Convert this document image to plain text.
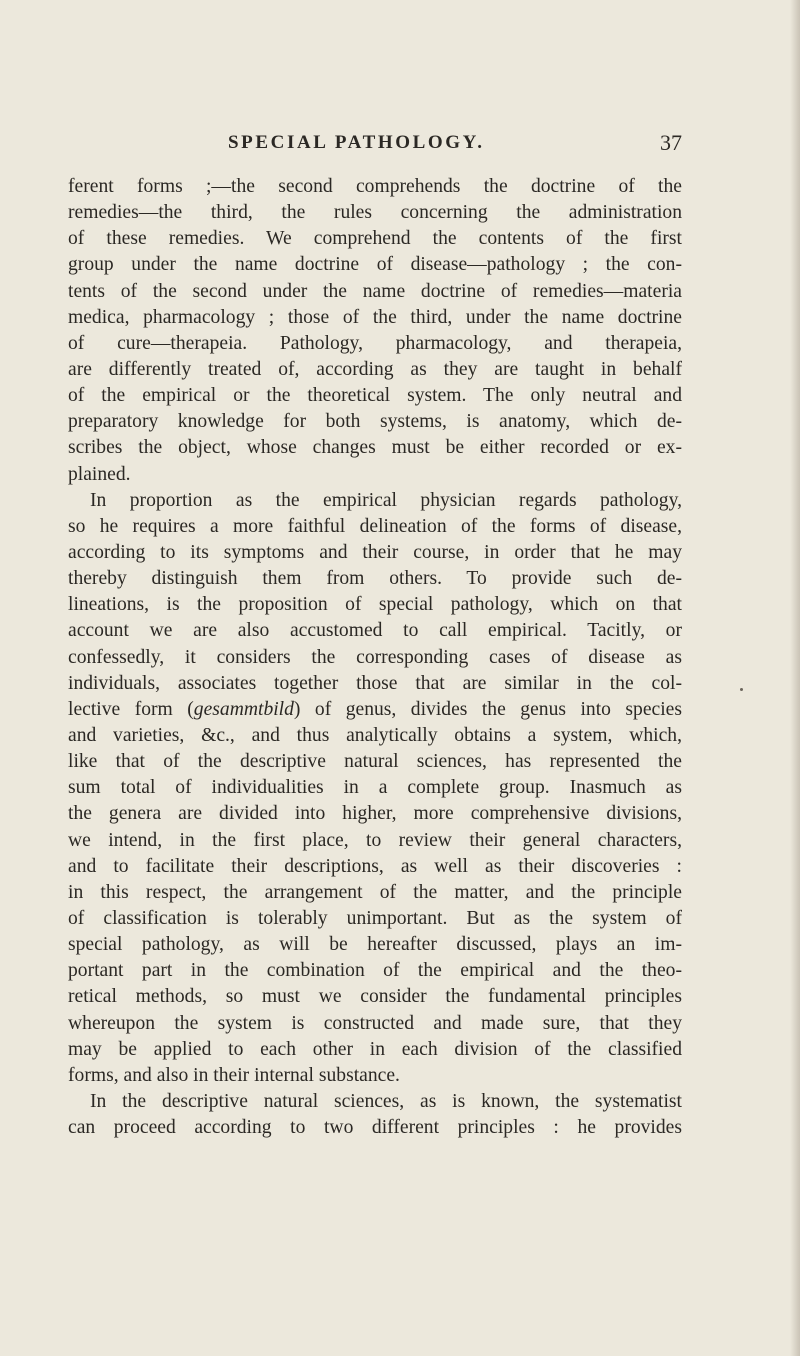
SPECIAL PATHOLOGY.	37
ferent forms ;—the second comprehends the doctrine of the
remedies—the third, the rules concerning the administration
of these remedies. We comprehend the contents of the first
group under the name doctrine of disease—pathology ; the con-
tents of the second under the name doctrine of remedies—materia
medica, pharmacology ; those of the third, under the name doctrine
of cure—therapeia. Pathology, pharmacology, and therapeia,
are differently treated of, according as they are taught in behalf
of the empirical or the theoretical system. The only neutral and
preparatory knowledge for both systems, is anatomy, which de-
scribes the object, whose changes must be either recorded or ex-
plained.
In proportion as the empirical physician regards pathology,
so he requires a more faithful delineation of the forms of disease,
according to its symptoms and their course, in order that he may
thereby distinguish them from others. To provide such de-
lineations, is the proposition of special pathology, which on that
account we are also accustomed to call empirical. Tacitly, or
confessedly, it considers the corresponding cases of disease as
individuals, associates together those that are similar in the col-
lective form (gesammtbild) of genus, divides the genus into species
and varieties, &c., and thus analytically obtains a system, which,
like that of the descriptive natural sciences, has represented the
sum total of individualities in a complete group. Inasmuch as
the genera are divided into higher, more comprehensive divisions,
we intend, in the first place, to review their general characters,
and to facilitate their descriptions, as well as their discoveries :
in this respect, the arrangement of the matter, and the principle
of classification is tolerably unimportant. But as the system of
special pathology, as will be hereafter discussed, plays an im-
portant part in the combination of the empirical and the theo-
retical methods, so must we consider the fundamental principles
whereupon the system is constructed and made sure, that they
may be applied to each other in each division of the classified
forms, and also in their internal substance.
In the descriptive natural sciences, as is known, the systematist
can proceed according to two different principles : he provides
